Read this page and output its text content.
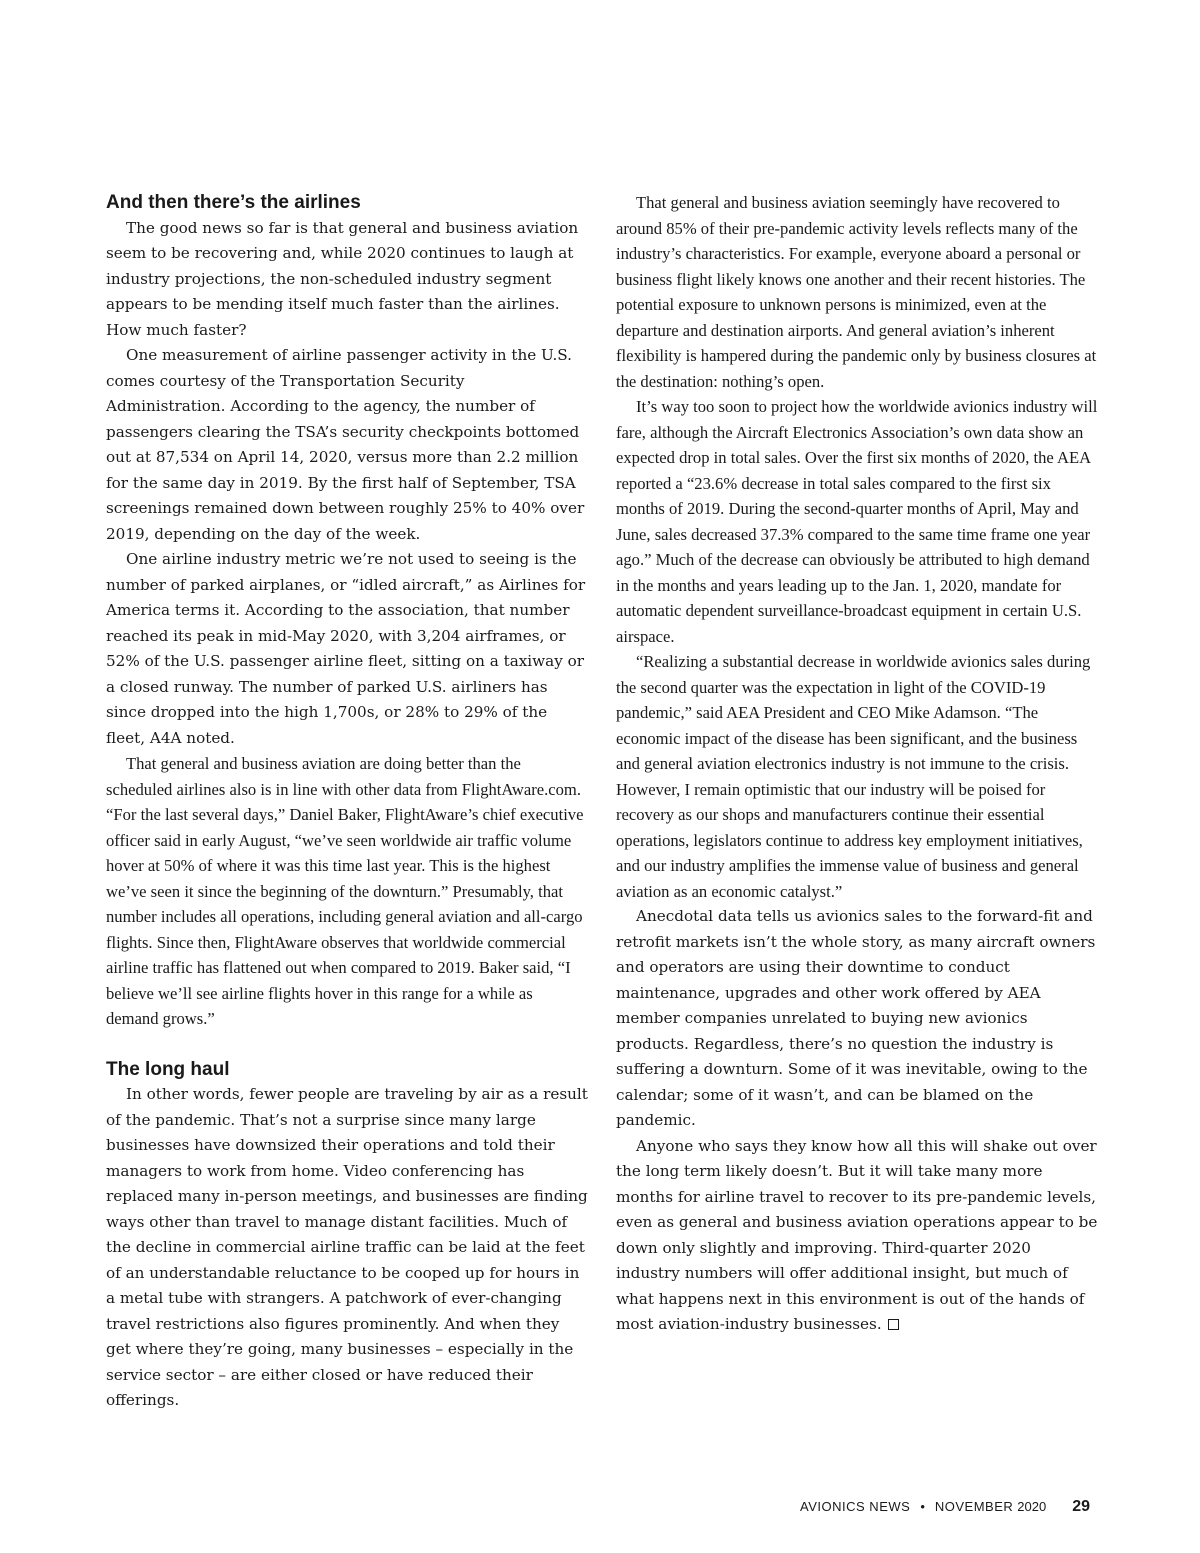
And then there’s the airlines

The good news so far is that general and business aviation seem to be recovering and, while 2020 continues to laugh at industry projections, the non-scheduled industry segment appears to be mending itself much faster than the airlines. How much faster?

One measurement of airline passenger activity in the U.S. comes courtesy of the Transportation Security Administration. According to the agency, the number of passengers clearing the TSA’s security checkpoints bottomed out at 87,534 on April 14, 2020, versus more than 2.2 million for the same day in 2019. By the first half of September, TSA screenings remained down between roughly 25% to 40% over 2019, depending on the day of the week.

One airline industry metric we’re not used to seeing is the number of parked airplanes, or “idled aircraft,” as Airlines for America terms it. According to the association, that number reached its peak in mid-May 2020, with 3,204 airframes, or 52% of the U.S. passenger airline fleet, sitting on a taxiway or a closed runway. The number of parked U.S. airliners has since dropped into the high 1,700s, or 28% to 29% of the fleet, A4A noted.

That general and business aviation are doing better than the scheduled airlines also is in line with other data from FlightAware.com. “For the last several days,” Daniel Baker, FlightAware’s chief executive officer said in early August, “we’ve seen worldwide air traffic volume hover at 50% of where it was this time last year. This is the highest we’ve seen it since the beginning of the downturn.” Presumably, that number includes all operations, including general aviation and all-cargo flights. Since then, FlightAware observes that worldwide commercial airline traffic has flattened out when compared to 2019. Baker said, “I believe we’ll see airline flights hover in this range for a while as demand grows.”

The long haul

In other words, fewer people are traveling by air as a result of the pandemic. That’s not a surprise since many large businesses have downsized their operations and told their managers to work from home. Video conferencing has replaced many in-person meetings, and businesses are finding ways other than travel to manage distant facilities. Much of the decline in commercial airline traffic can be laid at the feet of an understandable reluctance to be cooped up for hours in a metal tube with strangers. A patchwork of ever-changing travel restrictions also figures prominently. And when they get where they’re going, many businesses – especially in the service sector – are either closed or have reduced their offerings.

That general and business aviation seemingly have recovered to around 85% of their pre-pandemic activity levels reflects many of the industry’s characteristics. For example, everyone aboard a personal or business flight likely knows one another and their recent histories. The potential exposure to unknown persons is minimized, even at the departure and destination airports. And general aviation’s inherent flexibility is hampered during the pandemic only by business closures at the destination: nothing’s open.

It’s way too soon to project how the worldwide avionics industry will fare, although the Aircraft Electronics Association’s own data show an expected drop in total sales. Over the first six months of 2020, the AEA reported a “23.6% decrease in total sales compared to the first six months of 2019. During the second-quarter months of April, May and June, sales decreased 37.3% compared to the same time frame one year ago.” Much of the decrease can obviously be attributed to high demand in the months and years leading up to the Jan. 1, 2020, mandate for automatic dependent surveillance-broadcast equipment in certain U.S. airspace.

“Realizing a substantial decrease in worldwide avionics sales during the second quarter was the expectation in light of the COVID-19 pandemic,” said AEA President and CEO Mike Adamson. “The economic impact of the disease has been significant, and the business and general aviation electronics industry is not immune to the crisis. However, I remain optimistic that our industry will be poised for recovery as our shops and manufacturers continue their essential operations, legislators continue to address key employment initiatives, and our industry amplifies the immense value of business and general aviation as an economic catalyst.”

Anecdotal data tells us avionics sales to the forward-fit and retrofit markets isn’t the whole story, as many aircraft owners and operators are using their downtime to conduct maintenance, upgrades and other work offered by AEA member companies unrelated to buying new avionics products. Regardless, there’s no question the industry is suffering a downturn. Some of it was inevitable, owing to the calendar; some of it wasn’t, and can be blamed on the pandemic.

Anyone who says they know how all this will shake out over the long term likely doesn’t. But it will take many more months for airline travel to recover to its pre-pandemic levels, even as general and business aviation operations appear to be down only slightly and improving. Third-quarter 2020 industry numbers will offer additional insight, but much of what happens next in this environment is out of the hands of most aviation-industry businesses.

AVIONICS NEWS • NOVEMBER 2020 29
